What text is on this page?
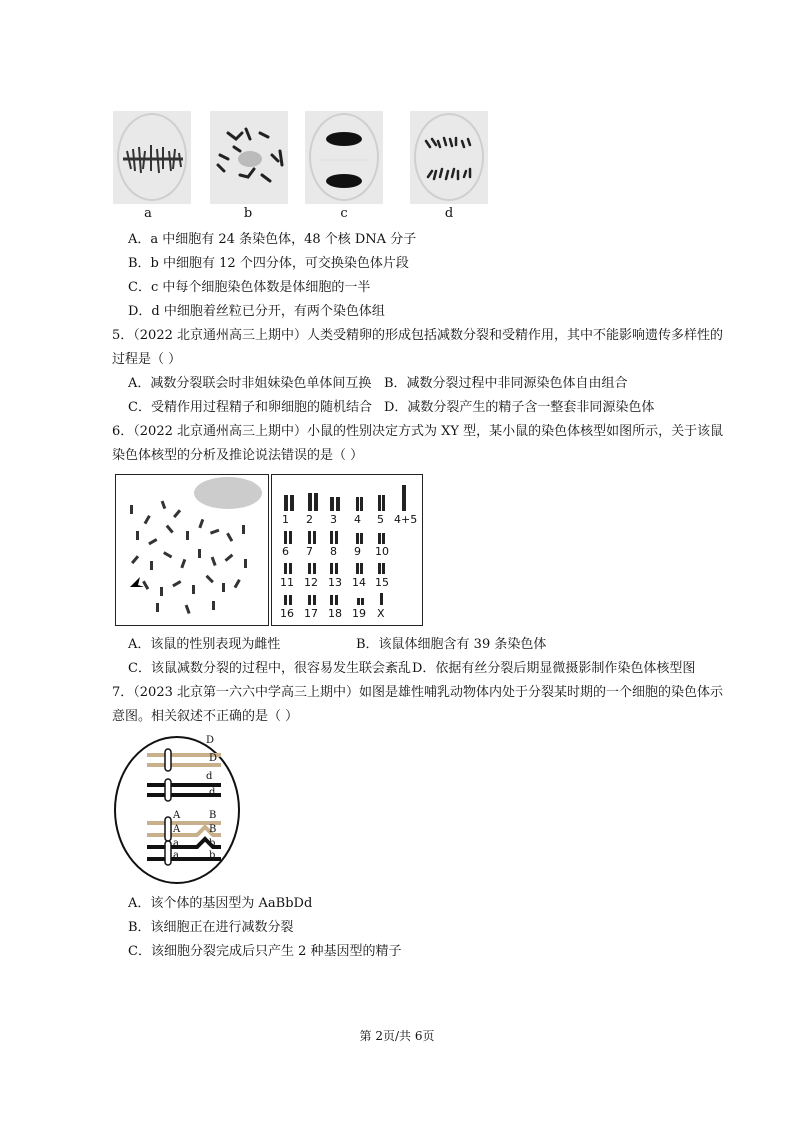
a	b	c	d
A．a 中细胞有 24 条染色体，48 个核 DNA 分子
B．b 中细胞有 12 个四分体，可交换染色体片段
C．c 中每个细胞染色体数是体细胞的一半
D．d 中细胞着丝粒已分开，有两个染色体组
5．（2022 北京通州高三上期中）人类受精卵的形成包括减数分裂和受精作用，其中不能影响遗传多样性的
过程是（ ）
A．减数分裂联会时非姐妹染色单体间互换 B．减数分裂过程中非同源染色体自由组合
C．受精作用过程精子和卵细胞的随机结合 D．减数分裂产生的精子含一整套非同源染色体
6．（2022 北京通州高三上期中）小鼠的性别决定方式为 XY 型，某小鼠的染色体核型如图所示，关于该鼠
染色体核型的分析及推论说法错误的是（ ）
1 2 3 4 5 4+5
6 7 8 9 10
11 12 13 14 15
16 17 18 19 X
A．该鼠的性别表现为雌性	B．该鼠体细胞含有 39 条染色体
C．该鼠减数分裂的过程中，很容易发生联会紊乱 D．依据有丝分裂后期显微摄影制作染色体核型图
7．（2023 北京第一六六中学高三上期中）如图是雄性哺乳动物体内处于分裂某时期的一个细胞的染色体示
意图。相关叙述不正确的是（ ）
D
D
d
d
A
A
B
B
a
a
b
b
A．该个体的基因型为 AaBbDd
B．该细胞正在进行减数分裂
C．该细胞分裂完成后只产生 2 种基因型的精子
第 2页/共 6页
